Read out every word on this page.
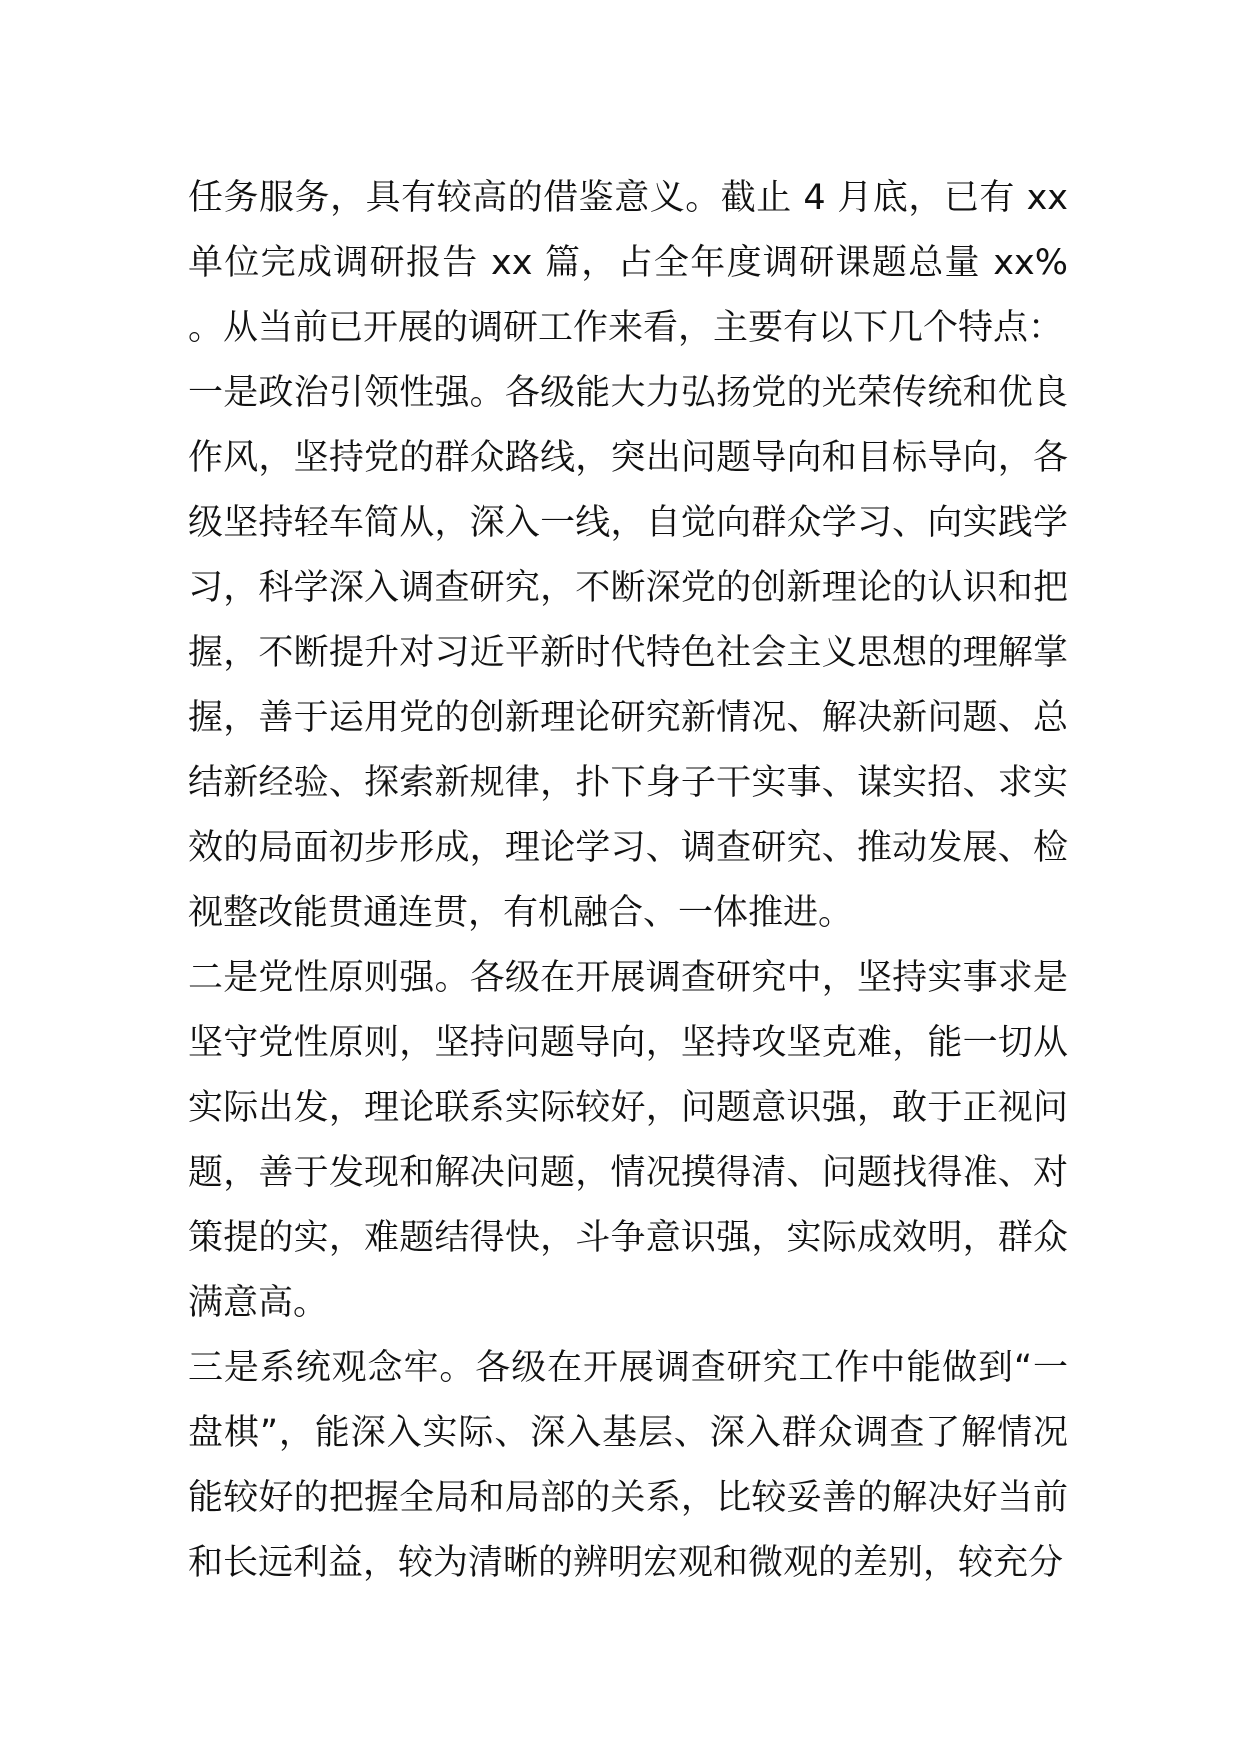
任务服务，具有较高的借鉴意义。截止 4 月底，已有 xx 单位完成调研报告 xx 篇，占全年度调研课题总量 xx%。从当前已开展的调研工作来看，主要有以下几个特点：

一是政治引领性强。各级能大力弘扬党的光荣传统和优良作风，坚持党的群众路线，突出问题导向和目标导向，各级坚持轻车简从，深入一线，自觉向群众学习、向实践学习，科学深入调查研究，不断深党的创新理论的认识和把握，不断提升对习近平新时代特色社会主义思想的理解掌握，善于运用党的创新理论研究新情况、解决新问题、总结新经验、探索新规律，扑下身子干实事、谋实招、求实效的局面初步形成，理论学习、调查研究、推动发展、检视整改能贯通连贯，有机融合、一体推进。

二是党性原则强。各级在开展调查研究中，坚持实事求是坚守党性原则，坚持问题导向，坚持攻坚克难，能一切从实际出发，理论联系实际较好，问题意识强，敢于正视问题，善于发现和解决问题，情况摸得清、问题找得准、对策提的实，难题结得快，斗争意识强，实际成效明，群众满意高。

三是系统观念牢。各级在开展调查研究工作中能做到“一盘棋”，能深入实际、深入基层、深入群众调查了解情况能较好的把握全局和局部的关系，比较妥善的解决好当前和长远利益，较为清晰的辨明宏观和微观的差别，较充分
